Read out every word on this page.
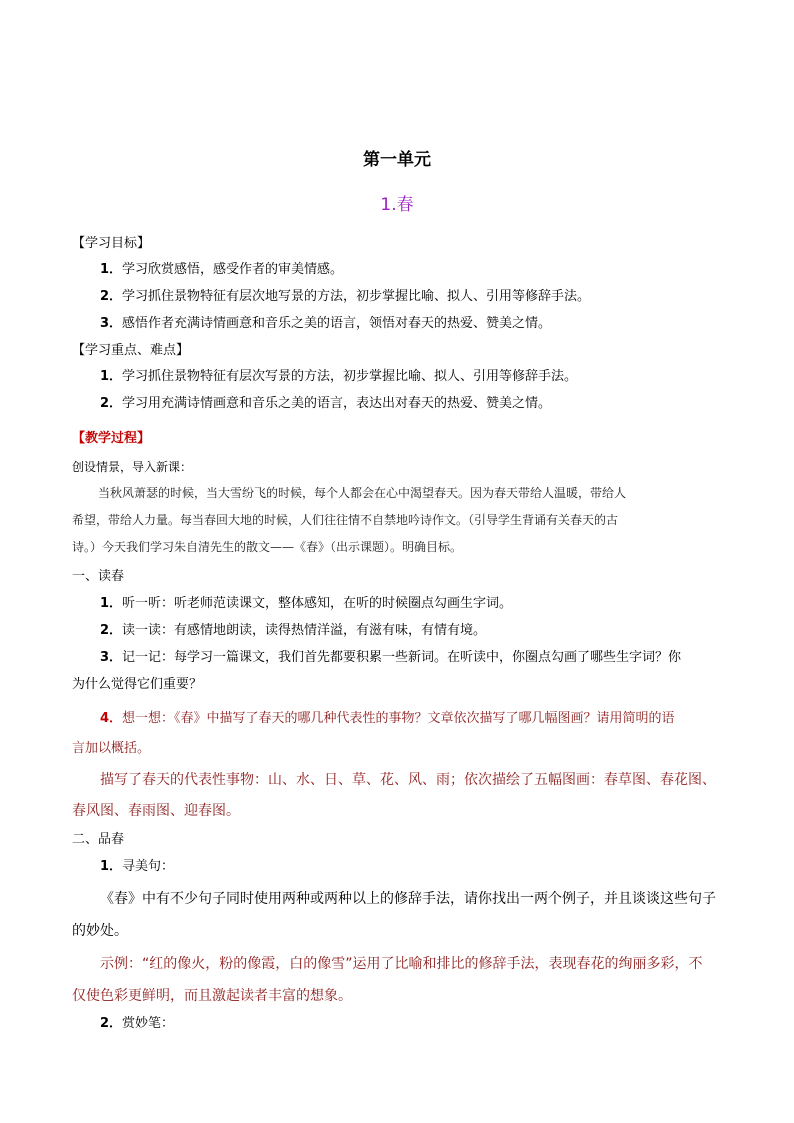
第一单元
1.春
【学习目标】
1．学习欣赏感悟，感受作者的审美情感。
2．学习抓住景物特征有层次地写景的方法，初步掌握比喻、拟人、引用等修辞手法。
3．感悟作者充满诗情画意和音乐之美的语言，领悟对春天的热爱、赞美之情。
【学习重点、难点】
1．学习抓住景物特征有层次写景的方法，初步掌握比喻、拟人、引用等修辞手法。
2．学习用充满诗情画意和音乐之美的语言，表达出对春天的热爱、赞美之情。
【教学过程】
创设情景，导入新课：
当秋风萧瑟的时候，当大雪纷飞的时候，每个人都会在心中渴望春天。因为春天带给人温暖，带给人
希望，带给人力量。每当春回大地的时候，人们往往情不自禁地吟诗作文。（引导学生背诵有关春天的古
诗。）今天我们学习朱自清先生的散文——《春》（出示课题）。明确目标。
一、读春
1．听一听：听老师范读课文，整体感知，在听的时候圈点勾画生字词。
2．读一读：有感情地朗读，读得热情洋溢，有滋有味，有情有境。
3．记一记：每学习一篇课文，我们首先都要积累一些新词。在听读中，你圈点勾画了哪些生字词？你
为什么觉得它们重要？
4．想一想：《春》中描写了春天的哪几种代表性的事物？文章依次描写了哪几幅图画？请用简明的语
言加以概括。
描写了春天的代表性事物：山、水、日、草、花、风、雨；依次描绘了五幅图画：春草图、春花图、
春风图、春雨图、迎春图。
二、品春
1．寻美句：
《春》中有不少句子同时使用两种或两种以上的修辞手法，请你找出一两个例子，并且谈谈这些句子
的妙处。
示例：“红的像火，粉的像霞，白的像雪”运用了比喻和排比的修辞手法，表现春花的绚丽多彩，不
仅使色彩更鲜明，而且激起读者丰富的想象。
2．赏妙笔：
